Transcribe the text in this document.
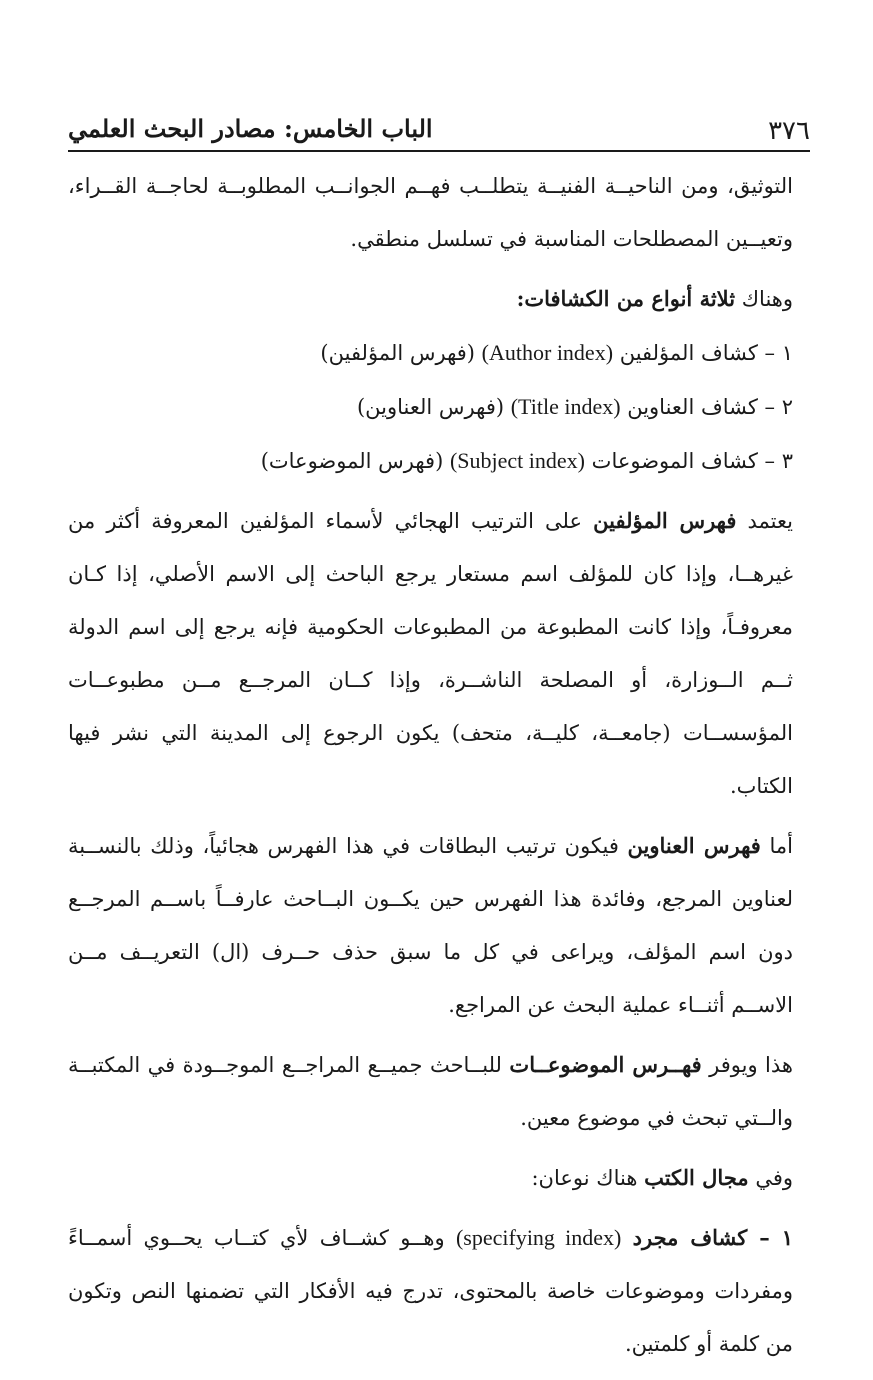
٣٧٦
الباب الخامس: مصادر البحث العلمي

التوثيق، ومن الناحيــة الفنيــة يتطلــب فهــم الجوانــب المطلوبــة لحاجــة القــراء، وتعيــين المصطلحات المناسبة في تسلسل منطقي.

وهناك ثلاثة أنواع من الكشافات:

١ – كشاف المؤلفين (Author index) (فهرس المؤلفين)

٢ – كشاف العناوين (Title index) (فهرس العناوين)

٣ – كشاف الموضوعات (Subject index) (فهرس الموضوعات)

يعتمد فهرس المؤلفين على الترتيب الهجائي لأسماء المؤلفين المعروفة أكثر من غيرهــا، وإذا كان للمؤلف اسم مستعار يرجع الباحث إلى الاسم الأصلي، إذا كـان معروفـاً، وإذا كانت المطبوعة من المطبوعات الحكومية فإنه يرجع إلى اسم الدولة ثــم الــوزارة، أو المصلحة الناشــرة، وإذا كــان المرجــع مــن مطبوعــات المؤسســات (جامعــة، كليــة، متحف) يكون الرجوع إلى المدينة التي نشر فيها الكتاب.

أما فهرس العناوين فيكون ترتيب البطاقات في هذا الفهرس هجائياً، وذلك بالنســبة لعناوين المرجع، وفائدة هذا الفهرس حين يكــون البــاحث عارفــاً باســم المرجــع دون اسم المؤلف، ويراعى في كل ما سبق حذف حــرف (ال) التعريــف مــن الاســم أثنــاء عملية البحث عن المراجع.

هذا ويوفر فهــرس الموضوعــات للبــاحث جميــع المراجــع الموجــودة في المكتبــة والــتي تبحث في موضوع معين.

وفي مجال الكتب هناك نوعان:

١ – كشاف مجرد (specifying index) وهــو كشــاف لأي كتــاب يحــوي أسمــاءً ومفردات وموضوعات خاصة بالمحتوى، تدرج فيه الأفكار التي تضمنها النص وتكون من كلمة أو كلمتين.
